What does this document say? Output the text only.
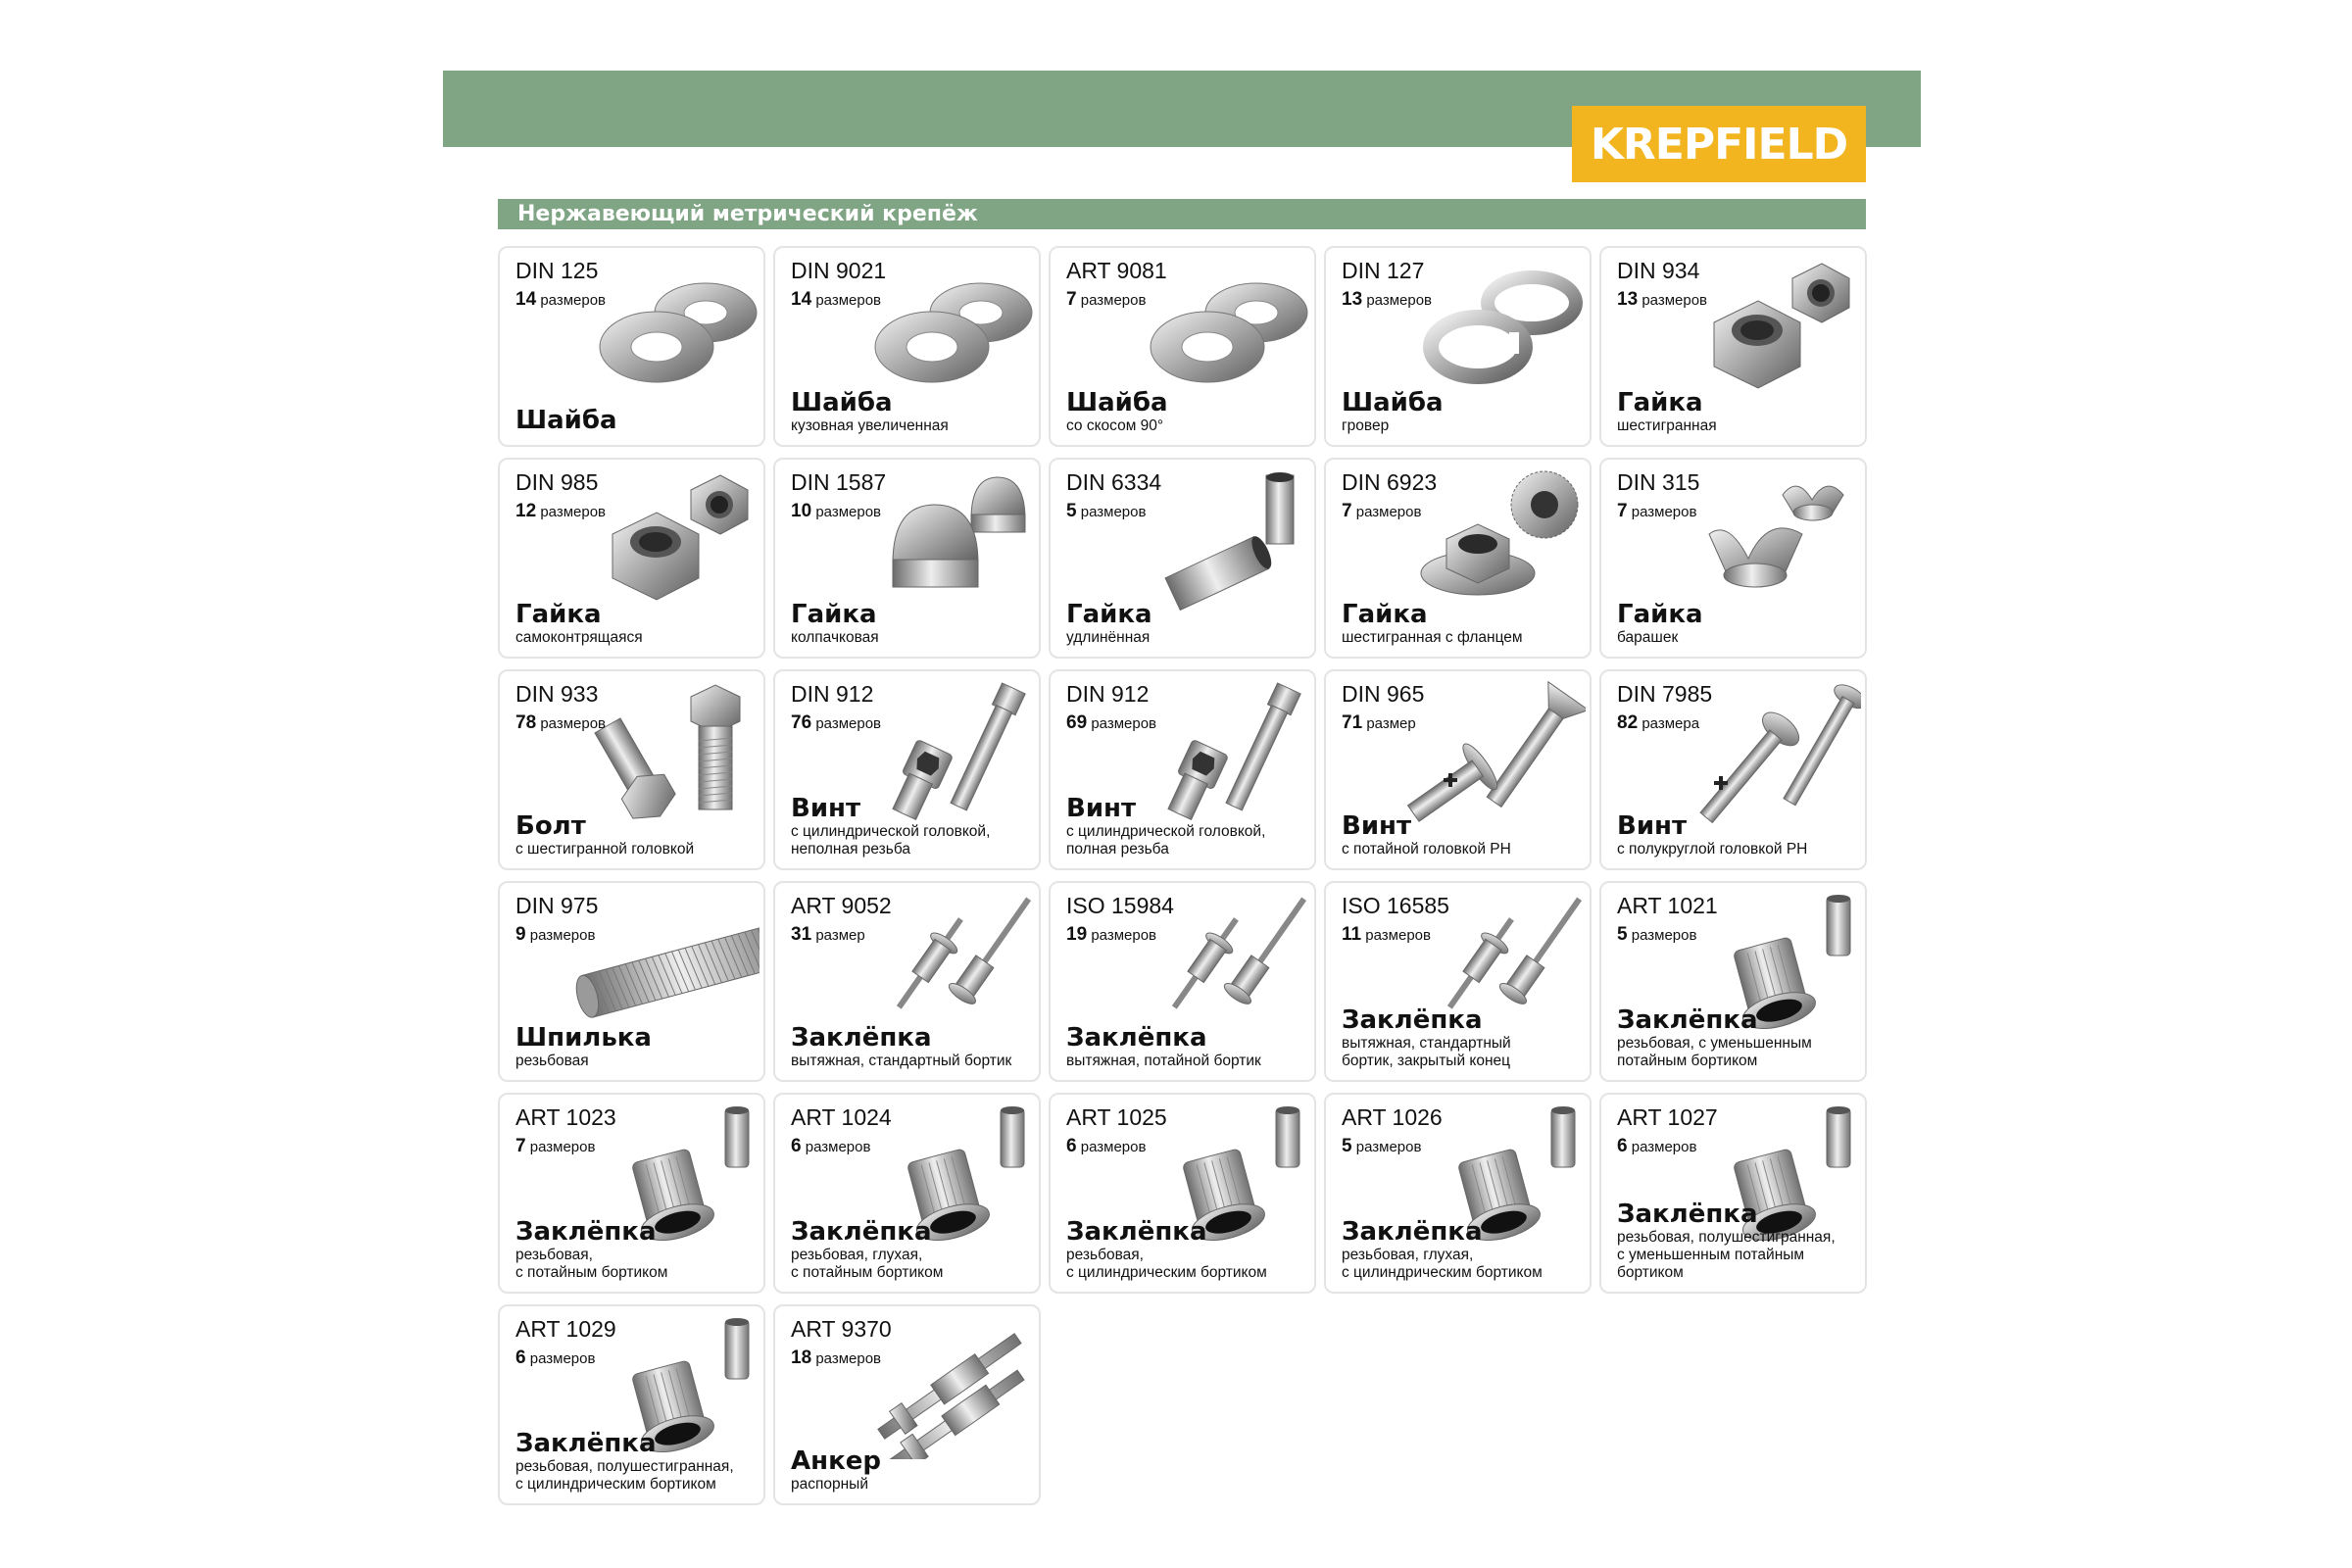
KREPFIELD
Нержавеющий метрический крепёж
DIN 125
14 размеров
Шайба
DIN 9021
14 размеров
Шайба
кузовная увеличенная
ART 9081
7 размеров
Шайба
со скосом 90°
DIN 127
13 размеров
Шайба
гровер
DIN 934
13 размеров
Гайка
шестигранная
DIN 985
12 размеров
Гайка
самоконтрящаяся
DIN 1587
10 размеров
Гайка
колпачковая
DIN 6334
5 размеров
Гайка
удлинённая
DIN 6923
7 размеров
Гайка
шестигранная с фланцем
DIN 315
7 размеров
Гайка
барашек
DIN 933
78 размеров
Болт
с шестигранной головкой
DIN 912
76 размеров
Винт
с цилиндрической головкой,
неполная резьба
DIN 912
69 размеров
Винт
с цилиндрической головкой,
полная резьба
DIN 965
71 размер
Винт
с потайной головкой PH
DIN 7985
82 размера
Винт
с полукруглой головкой PH
DIN 975
9 размеров
Шпилька
резьбовая
ART 9052
31 размер
Заклёпка
вытяжная, стандартный бортик
ISO 15984
19 размеров
Заклёпка
вытяжная, потайной бортик
ISO 16585
11 размеров
Заклёпка
вытяжная, стандартный
бортик, закрытый конец
ART 1021
5 размеров
Заклёпка
резьбовая, с уменьшенным
потайным бортиком
ART 1023
7 размеров
Заклёпка
резьбовая,
с потайным бортиком
ART 1024
6 размеров
Заклёпка
резьбовая, глухая,
с потайным бортиком
ART 1025
6 размеров
Заклёпка
резьбовая,
с цилиндрическим бортиком
ART 1026
5 размеров
Заклёпка
резьбовая, глухая,
с цилиндрическим бортиком
ART 1027
6 размеров
Заклёпка
резьбовая, полушестигранная,
с уменьшенным потайным
бортиком
ART 1029
6 размеров
Заклёпка
резьбовая, полушестигранная,
с цилиндрическим бортиком
ART 9370
18 размеров
Анкер
распорный
